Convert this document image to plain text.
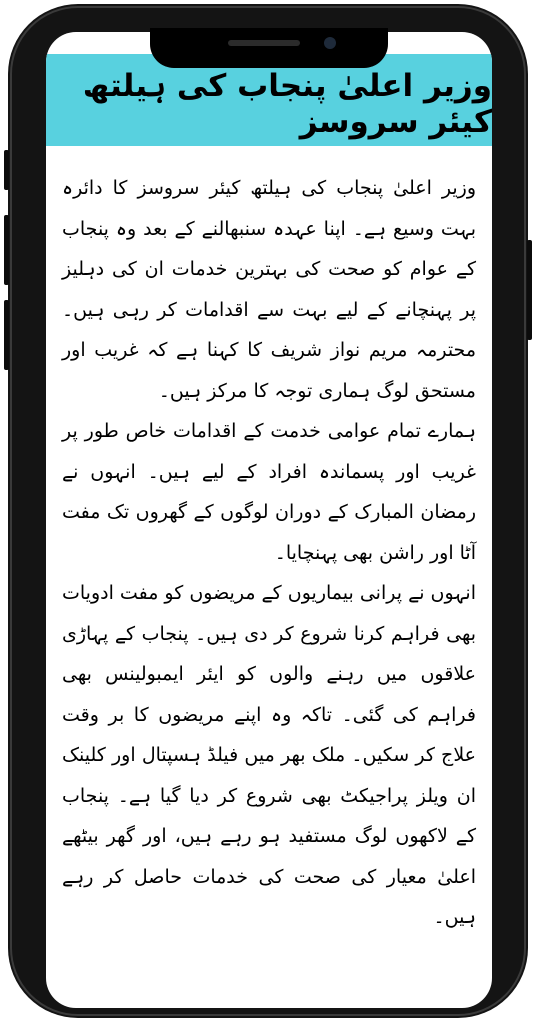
وزیر اعلیٰ پنجاب کی ہیلتھ کیئر سروسز

وزیر اعلیٰ پنجاب کی ہیلتھ کیئر سروسز کا دائرہ بہت وسیع ہے۔ اپنا عہدہ سنبھالنے کے بعد وہ پنجاب کے عوام کو صحت کی بہترین خدمات ان کی دہلیز پر پہنچانے کے لیے بہت سے اقدامات کر رہی ہیں۔ محترمہ مریم نواز شریف کا کہنا ہے کہ غریب اور مستحق لوگ ہماری توجہ کا مرکز ہیں۔

ہمارے تمام عوامی خدمت کے اقدامات خاص طور پر غریب اور پسماندہ افراد کے لیے ہیں۔ انہوں نے رمضان المبارک کے دوران لوگوں کے گھروں تک مفت آٹا اور راشن بھی پہنچایا۔

انہوں نے پرانی بیماریوں کے مریضوں کو مفت ادویات بھی فراہم کرنا شروع کر دی ہیں۔ پنجاب کے پہاڑی علاقوں میں رہنے والوں کو ایئر ایمبولینس بھی فراہم کی گئی۔ تاکہ وہ اپنے مریضوں کا بر وقت علاج کر سکیں۔ ملک بھر میں فیلڈ ہسپتال اور کلینک ان ویلز پراجیکٹ بھی شروع کر دیا گیا ہے۔ پنجاب کے لاکھوں لوگ مستفید ہو رہے ہیں، اور گھر بیٹھے اعلیٰ معیار کی صحت کی خدمات حاصل کر رہے ہیں۔
